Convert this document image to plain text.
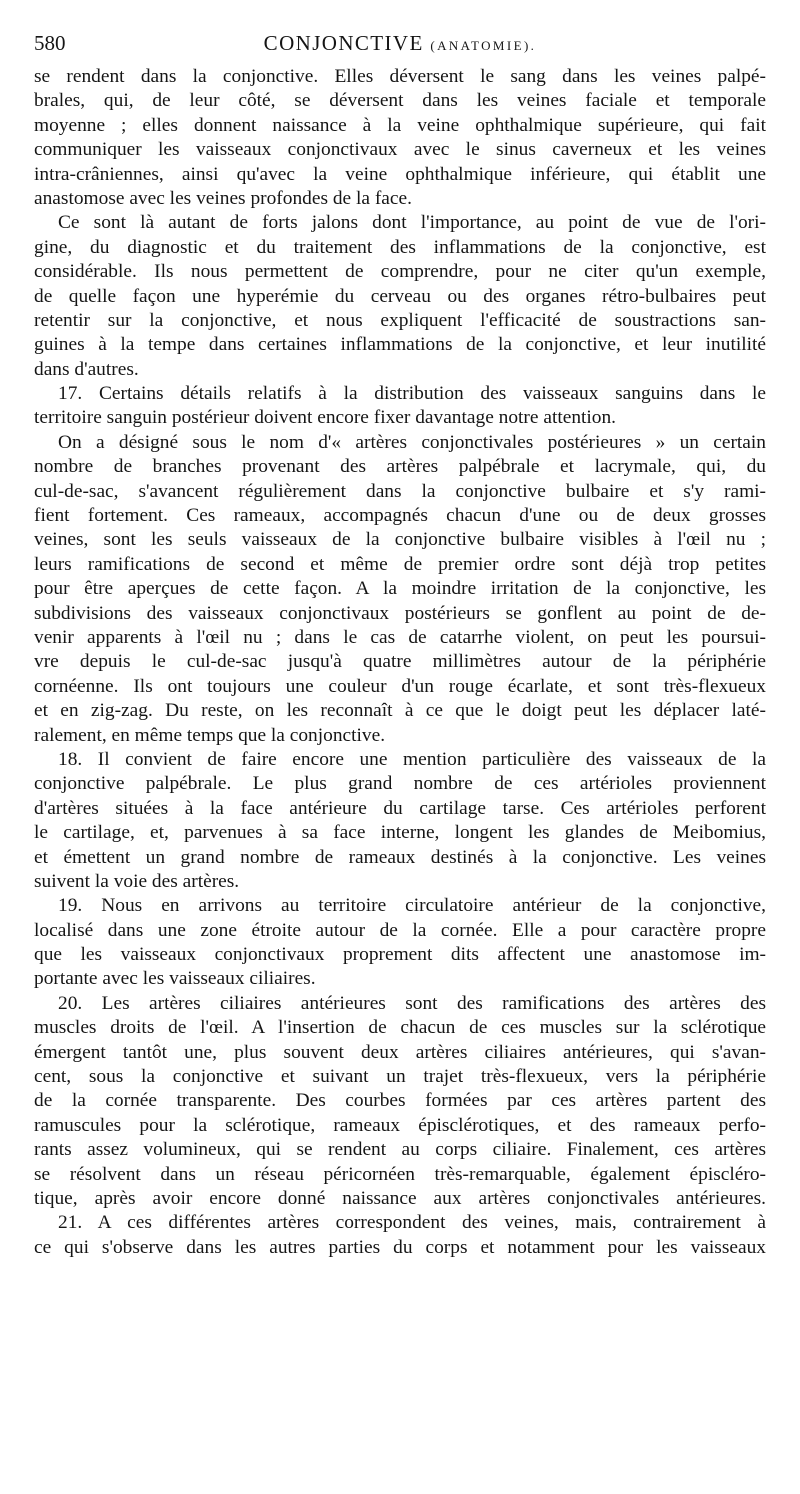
580	CONJONCTIVE (ANATOMIE).
se rendent dans la conjonctive. Elles déversent le sang dans les veines palpé-
brales, qui, de leur côté, se déversent dans les veines faciale et temporale
moyenne ; elles donnent naissance à la veine ophthalmique supérieure, qui fait
communiquer les vaisseaux conjonctivaux avec le sinus caverneux et les veines
intra-crâniennes, ainsi qu'avec la veine ophthalmique inférieure, qui établit une
anastomose avec les veines profondes de la face.
Ce sont là autant de forts jalons dont l'importance, au point de vue de l'ori-
gine, du diagnostic et du traitement des inflammations de la conjonctive, est
considérable. Ils nous permettent de comprendre, pour ne citer qu'un exemple,
de quelle façon une hyperémie du cerveau ou des organes rétro-bulbaires peut
retentir sur la conjonctive, et nous expliquent l'efficacité de soustractions san-
guines à la tempe dans certaines inflammations de la conjonctive, et leur inutilité
dans d'autres.
17. Certains détails relatifs à la distribution des vaisseaux sanguins dans le
territoire sanguin postérieur doivent encore fixer davantage notre attention.
On a désigné sous le nom d'« artères conjonctivales postérieures » un certain
nombre de branches provenant des artères palpébrale et lacrymale, qui, du
cul-de-sac, s'avancent régulièrement dans la conjonctive bulbaire et s'y rami-
fient fortement. Ces rameaux, accompagnés chacun d'une ou de deux grosses
veines, sont les seuls vaisseaux de la conjonctive bulbaire visibles à l'œil nu ;
leurs ramifications de second et même de premier ordre sont déjà trop petites
pour être aperçues de cette façon. A la moindre irritation de la conjonctive, les
subdivisions des vaisseaux conjonctivaux postérieurs se gonflent au point de de-
venir apparents à l'œil nu ; dans le cas de catarrhe violent, on peut les poursui-
vre depuis le cul-de-sac jusqu'à quatre millimètres autour de la périphérie
cornéenne. Ils ont toujours une couleur d'un rouge écarlate, et sont très-flexueux
et en zig-zag. Du reste, on les reconnaît à ce que le doigt peut les déplacer laté-
ralement, en même temps que la conjonctive.
18. Il convient de faire encore une mention particulière des vaisseaux de la
conjonctive palpébrale. Le plus grand nombre de ces artérioles proviennent
d'artères situées à la face antérieure du cartilage tarse. Ces artérioles perforent
le cartilage, et, parvenues à sa face interne, longent les glandes de Meibomius,
et émettent un grand nombre de rameaux destinés à la conjonctive. Les veines
suivent la voie des artères.
19. Nous en arrivons au territoire circulatoire antérieur de la conjonctive,
localisé dans une zone étroite autour de la cornée. Elle a pour caractère propre
que les vaisseaux conjonctivaux proprement dits affectent une anastomose im-
portante avec les vaisseaux ciliaires.
20. Les artères ciliaires antérieures sont des ramifications des artères des
muscles droits de l'œil. A l'insertion de chacun de ces muscles sur la sclérotique
émergent tantôt une, plus souvent deux artères ciliaires antérieures, qui s'avan-
cent, sous la conjonctive et suivant un trajet très-flexueux, vers la périphérie
de la cornée transparente. Des courbes formées par ces artères partent des
ramuscules pour la sclérotique, rameaux épisclérotiques, et des rameaux perfo-
rants assez volumineux, qui se rendent au corps ciliaire. Finalement, ces artères
se résolvent dans un réseau péricornéen très-remarquable, également épiscléro-
tique, après avoir encore donné naissance aux artères conjonctivales antérieures.
21. A ces différentes artères correspondent des veines, mais, contrairement à
ce qui s'observe dans les autres parties du corps et notamment pour les vaisseaux
